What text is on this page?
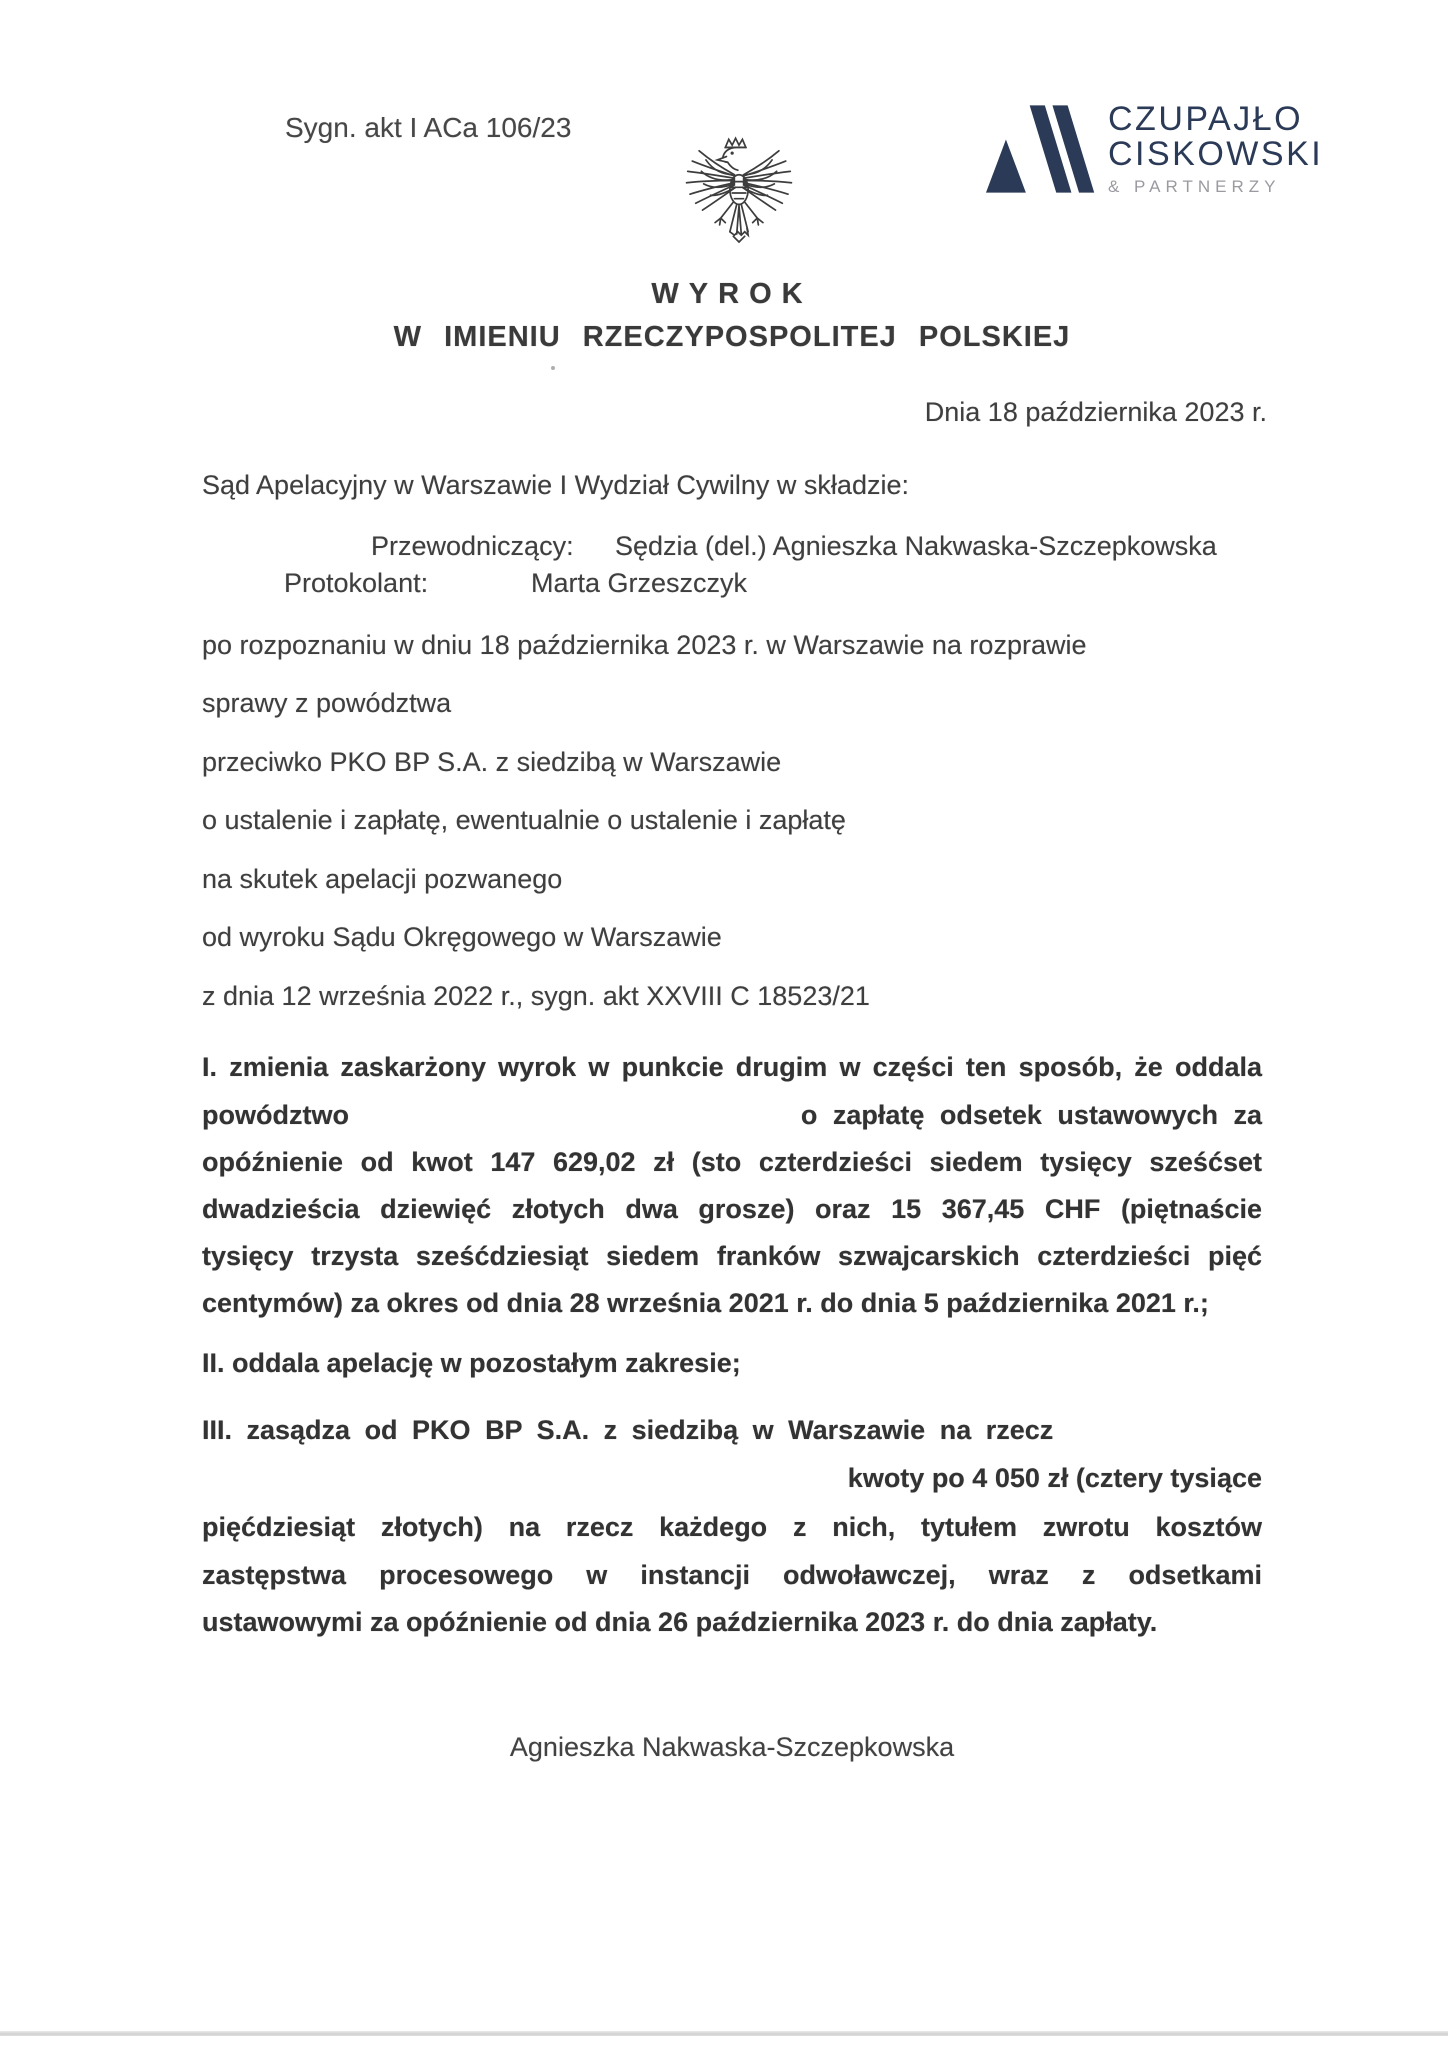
Sygn. akt I ACa 106/23	CZUPAJŁO
CISKOWSKI
& PARTNERZY
WYROK
W IMIENIU RZECZYPOSPOLITEJ POLSKIEJ
Dnia 18 października 2023 r.
Sąd Apelacyjny w Warszawie I Wydział Cywilny w składzie:
Przewodniczący: Sędzia (del.) Agnieszka Nakwaska-Szczepkowska
Protokolant:	Marta Grzeszczyk
po rozpoznaniu w dniu 18 października 2023 r. w Warszawie na rozprawie
sprawy z powództwa
przeciwko PKO BP S.A. z siedzibą w Warszawie
o ustalenie i zapłatę, ewentualnie o ustalenie i zapłatę
na skutek apelacji pozwanego
od wyroku Sądu Okręgowego w Warszawie
z dnia 12 września 2022 r., sygn. akt XXVIII C 18523/21
I. zmienia zaskarżony wyrok w punkcie drugim w części ten sposób, że oddala
powództwo	o zapłatę odsetek ustawowych za
opóźnienie od kwot 147 629,02 zł (sto czterdzieści siedem tysięcy sześćset
dwadzieścia dziewięć złotych dwa grosze) oraz 15 367,45 CHF (piętnaście
tysięcy trzysta sześćdziesiąt siedem franków szwajcarskich czterdzieści pięć
centymów) za okres od dnia 28 września 2021 r. do dnia 5 października 2021 r.;
II. oddala apelację w pozostałym zakresie;
III. zasądza od PKO BP S.A. z siedzibą w Warszawie na rzecz
kwoty po 4 050 zł (cztery tysiące
pięćdziesiąt złotych) na rzecz każdego z nich, tytułem zwrotu kosztów
zastępstwa procesowego w instancji odwoławczej, wraz z odsetkami
ustawowymi za opóźnienie od dnia 26 października 2023 r. do dnia zapłaty.
Agnieszka Nakwaska-Szczepkowska
